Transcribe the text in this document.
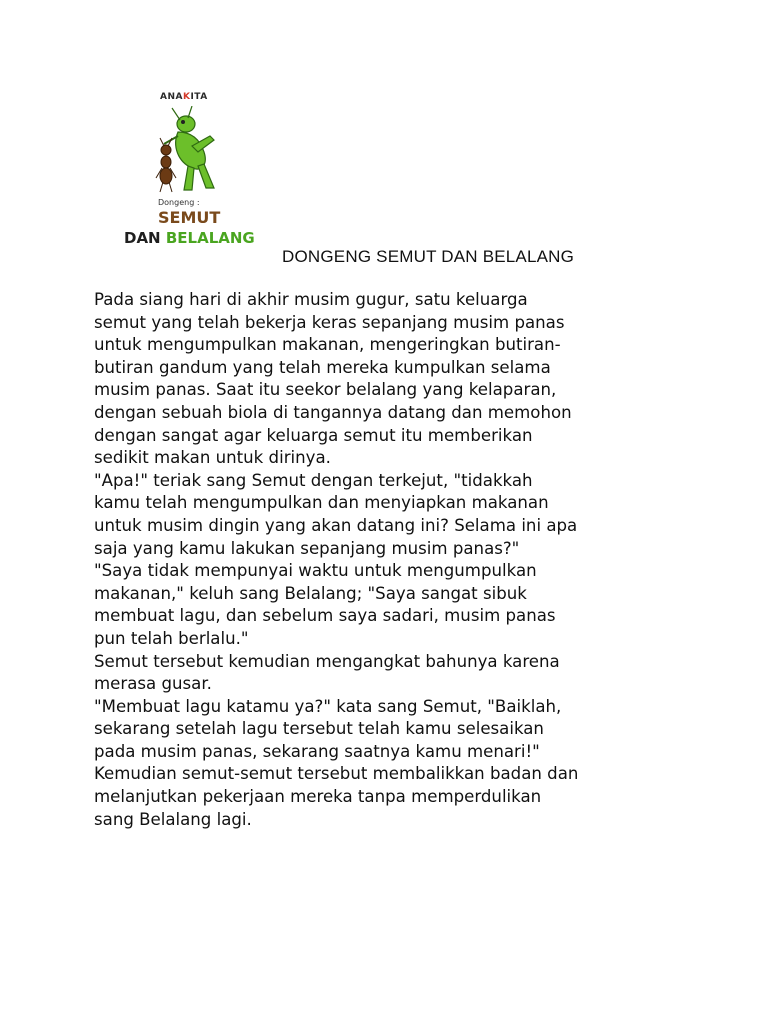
ANAKITA
Dongeng :
SEMUT
DAN BELALANG
DONGENG SEMUT DAN BELALANG
Pada siang hari di akhir musim gugur, satu keluarga
semut yang telah bekerja keras sepanjang musim panas
untuk mengumpulkan makanan, mengeringkan butiran-
butiran gandum yang telah mereka kumpulkan selama
musim panas. Saat itu seekor belalang yang kelaparan,
dengan sebuah biola di tangannya datang dan memohon
dengan sangat agar keluarga semut itu memberikan
sedikit makan untuk dirinya.
"Apa!" teriak sang Semut dengan terkejut, "tidakkah
kamu telah mengumpulkan dan menyiapkan makanan
untuk musim dingin yang akan datang ini? Selama ini apa
saja yang kamu lakukan sepanjang musim panas?"
"Saya tidak mempunyai waktu untuk mengumpulkan
makanan," keluh sang Belalang; "Saya sangat sibuk
membuat lagu, dan sebelum saya sadari, musim panas
pun telah berlalu."
Semut tersebut kemudian mengangkat bahunya karena
merasa gusar.
"Membuat lagu katamu ya?" kata sang Semut, "Baiklah,
sekarang setelah lagu tersebut telah kamu selesaikan
pada musim panas, sekarang saatnya kamu menari!"
Kemudian semut-semut tersebut membalikkan badan dan
melanjutkan pekerjaan mereka tanpa memperdulikan
sang Belalang lagi.
